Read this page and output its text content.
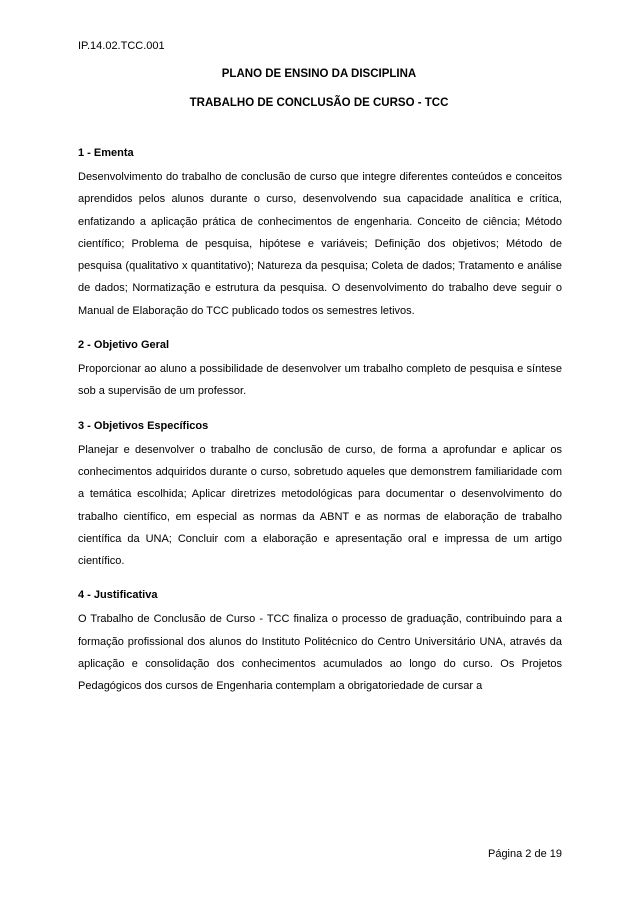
IP.14.02.TCC.001
PLANO DE ENSINO DA DISCIPLINA
TRABALHO DE CONCLUSÃO DE CURSO - TCC
1 - Ementa

Desenvolvimento do trabalho de conclusão de curso que integre diferentes conteúdos e conceitos aprendidos pelos alunos durante o curso, desenvolvendo sua capacidade analítica e crítica, enfatizando a aplicação prática de conhecimentos de engenharia. Conceito de ciência; Método científico; Problema de pesquisa, hipótese e variáveis; Definição dos objetivos; Método de pesquisa (qualitativo x quantitativo); Natureza da pesquisa; Coleta de dados; Tratamento e análise de dados; Normatização e estrutura da pesquisa. O desenvolvimento do trabalho deve seguir o Manual de Elaboração do TCC publicado todos os semestres letivos.

2 - Objetivo Geral

Proporcionar ao aluno a possibilidade de desenvolver um trabalho completo de pesquisa e síntese sob a supervisão de um professor.

3 - Objetivos Específicos

Planejar e desenvolver o trabalho de conclusão de curso, de forma a aprofundar e aplicar os conhecimentos adquiridos durante o curso, sobretudo aqueles que demonstrem familiaridade com a temática escolhida; Aplicar diretrizes metodológicas para documentar o desenvolvimento do trabalho científico, em especial as normas da ABNT e as normas de elaboração de trabalho científica da UNA; Concluir com a elaboração e apresentação oral e impressa de um artigo científico.

4 - Justificativa

O Trabalho de Conclusão de Curso - TCC finaliza o processo de graduação, contribuindo para a formação profissional dos alunos do Instituto Politécnico do Centro Universitário UNA, através da aplicação e consolidação dos conhecimentos acumulados ao longo do curso. Os Projetos Pedagógicos dos cursos de Engenharia contemplam a obrigatoriedade de cursar a

Página 2 de 19
